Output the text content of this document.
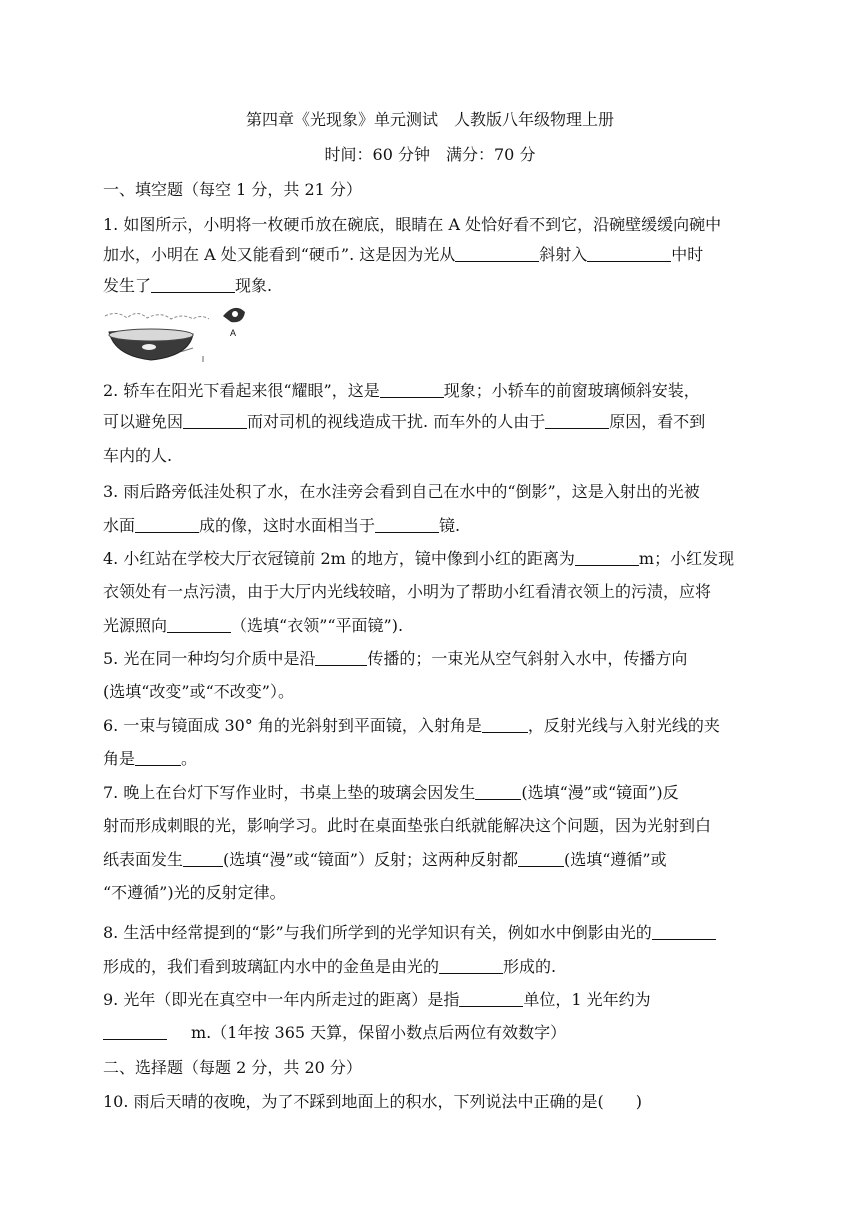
第四章《光现象》单元测试　人教版八年级物理上册
时间：60 分钟　满分：70 分
一、填空题（每空 1 分，共 21 分）
1. 如图所示，小明将一枚硬币放在碗底，眼睛在 A 处恰好看不到它，沿碗壁缓缓向碗中
加水，小明在 A 处又能看到“硬币”. 这是因为光从	斜射入	中时
发生了	现象.
A
2. 轿车在阳光下看起来很“耀眼”，这是	现象；小轿车的前窗玻璃倾斜安装，
可以避免因	而对司机的视线造成干扰. 而车外的人由于	原因，看不到
车内的人.
3. 雨后路旁低洼处积了水，在水洼旁会看到自己在水中的“倒影”，这是入射出的光被
水面	成的像，这时水面相当于	镜.
4. 小红站在学校大厅衣冠镜前 2m 的地方，镜中像到小红的距离为	m；小红发现
衣领处有一点污渍，由于大厅内光线较暗，小明为了帮助小红看清衣领上的污渍，应将
光源照向	（选填“衣领”“平面镜”).
5. 光在同一种均匀介质中是沿	传播的；一束光从空气斜射入水中，传播方向
(选填“改变”或“不改变”）。
6. 一束与镜面成 30° 角的光斜射到平面镜，入射角是	，反射光线与入射光线的夹
角是	。
7. 晚上在台灯下写作业时，书桌上垫的玻璃会因发生	(选填“漫”或“镜面”)反
射而形成刺眼的光，影响学习。此时在桌面垫张白纸就能解决这个问题，因为光射到白
纸表面发生	(选填“漫”或“镜面”）反射；这两种反射都	(选填“遵循”或
“不遵循”)光的反射定律。
8. 生活中经常提到的“影”与我们所学到的光学知识有关，例如水中倒影由光的
形成的，我们看到玻璃缸内水中的金鱼是由光的	形成的.
9. 光年（即光在真空中一年内所走过的距离）是指	单位，1 光年约为
m.（1年按 365 天算，保留小数点后两位有效数字）
二、选择题（每题 2 分，共 20 分）
10. 雨后天晴的夜晚，为了不踩到地面上的积水，下列说法中正确的是(　　)
